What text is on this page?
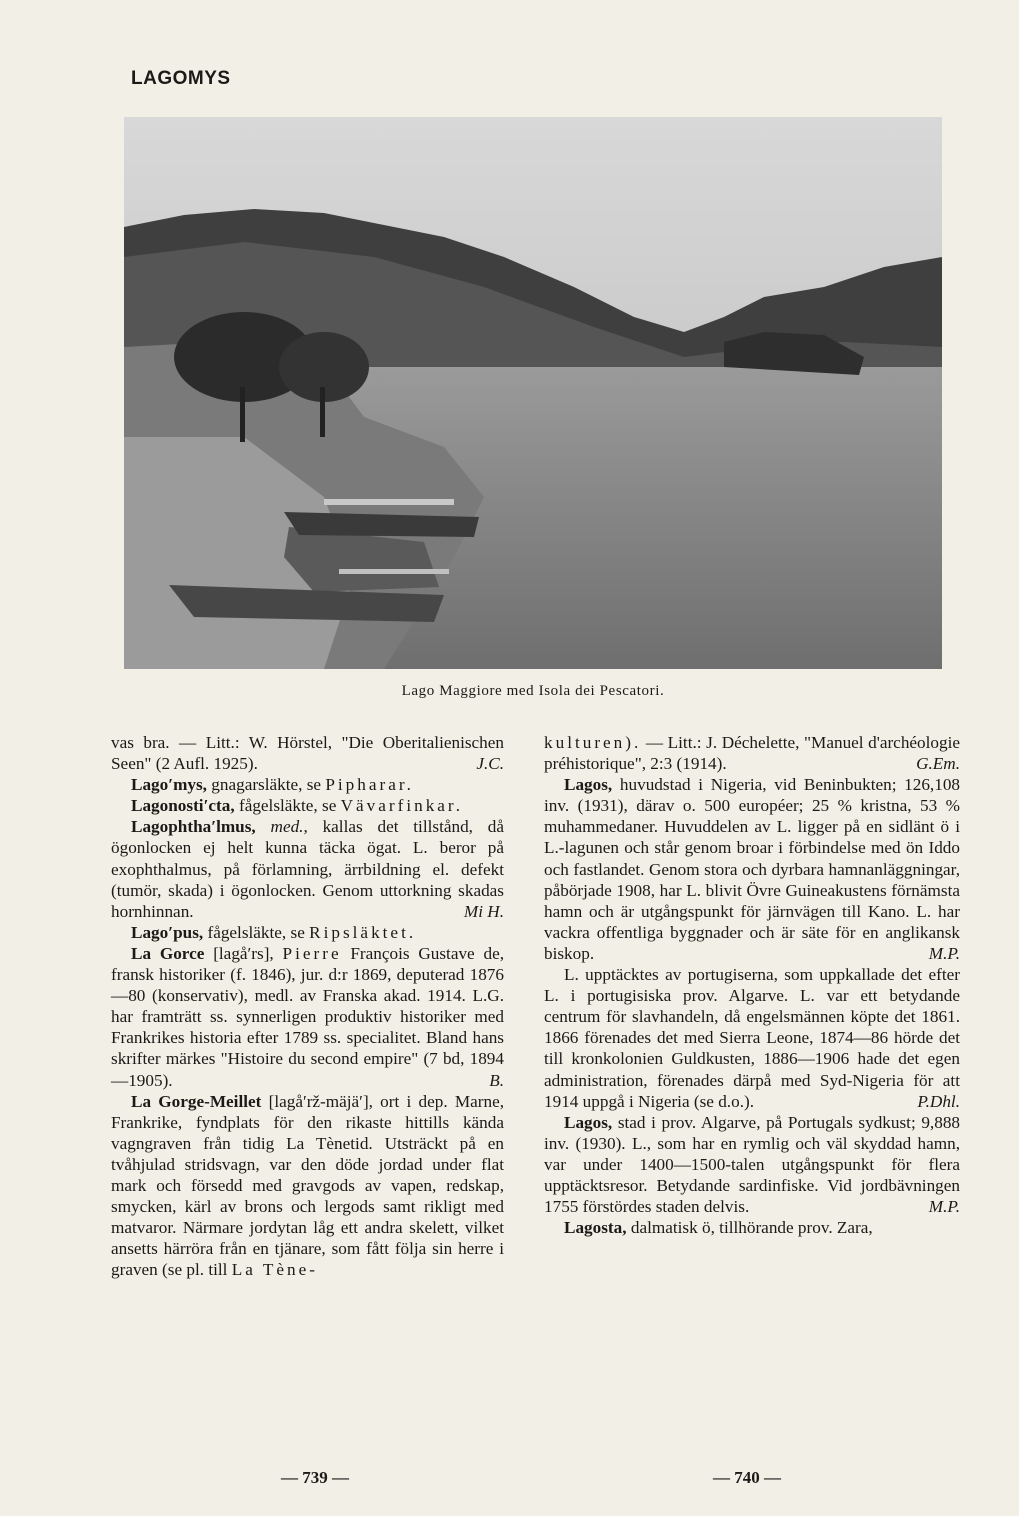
LAGOMYS
Lago Maggiore med Isola dei Pescatori.

vas bra. — Litt.: W. Hörstel, "Die Oberitalienischen Seen" (2 Aufl. 1925).	J.C.

Lago′mys, gnagarsläkte, se Pipharar.

Lagonosti′cta, fågelsläkte, se Vävarfinkar.

Lagophtha′lmus, med., kallas det tillstånd, då ögonlocken ej helt kunna täcka ögat. L. beror på exophthalmus, på förlamning, ärrbildning el. defekt (tumör, skada) i ögonlocken. Genom uttorkning skadas hornhinnan.	Mi H.

Lago′pus, fågelsläkte, se Ripsläktet.

La Gorce [lagå′rs], Pierre François Gustave de, fransk historiker (f. 1846), jur. d:r 1869, deputerad 1876—80 (konservativ), medl. av Franska akad. 1914. L.G. har framträtt ss. synnerligen produktiv historiker med Frankrikes historia efter 1789 ss. specialitet. Bland hans skrifter märkes "Histoire du second empire" (7 bd, 1894—1905).	B.

La Gorge-Meillet [lagå′rž-mäjä′], ort i dep. Marne, Frankrike, fyndplats för den rikaste hittills kända vagngraven från tidig La Tènetid. Utsträckt på en tvåhjulad stridsvagn, var den döde jordad under flat mark och försedd med gravgods av vapen, redskap, smycken, kärl av brons och lergods samt rikligt med matvaror. Närmare jordytan låg ett andra skelett, vilket ansetts härröra från en tjänare, som fått följa sin herre i graven (se pl. till La Tène-

kulturen). — Litt.: J. Déchelette, "Manuel d'archéologie préhistorique", 2:3 (1914).	G.Em.

Lagos, huvudstad i Nigeria, vid Beninbukten; 126,108 inv. (1931), därav o. 500 européer; 25 % kristna, 53 % muhammedaner. Huvuddelen av L. ligger på en sidlänt ö i L.-lagunen och står genom broar i förbindelse med ön Iddo och fastlandet. Genom stora och dyrbara hamnanläggningar, påbörjade 1908, har L. blivit Övre Guineakustens förnämsta hamn och är utgångspunkt för järnvägen till Kano. L. har vackra offentliga byggnader och är säte för en anglikansk biskop.	M.P.

L. upptäcktes av portugiserna, som uppkallade det efter L. i portugisiska prov. Algarve. L. var ett betydande centrum för slavhandeln, då engelsmännen köpte det 1861. 1866 förenades det med Sierra Leone, 1874—86 hörde det till kronkolonien Guldkusten, 1886—1906 hade det egen administration, förenades därpå med Syd-Nigeria för att 1914 uppgå i Nigeria (se d.o.).	P.Dhl.

Lagos, stad i prov. Algarve, på Portugals sydkust; 9,888 inv. (1930). L., som har en rymlig och väl skyddad hamn, var under 1400—1500-talen utgångspunkt för flera upptäcktsresor. Betydande sardinfiske. Vid jordbävningen 1755 förstördes staden delvis.	M.P.

Lagosta, dalmatisk ö, tillhörande prov. Zara,

— 739 —	— 740 —
